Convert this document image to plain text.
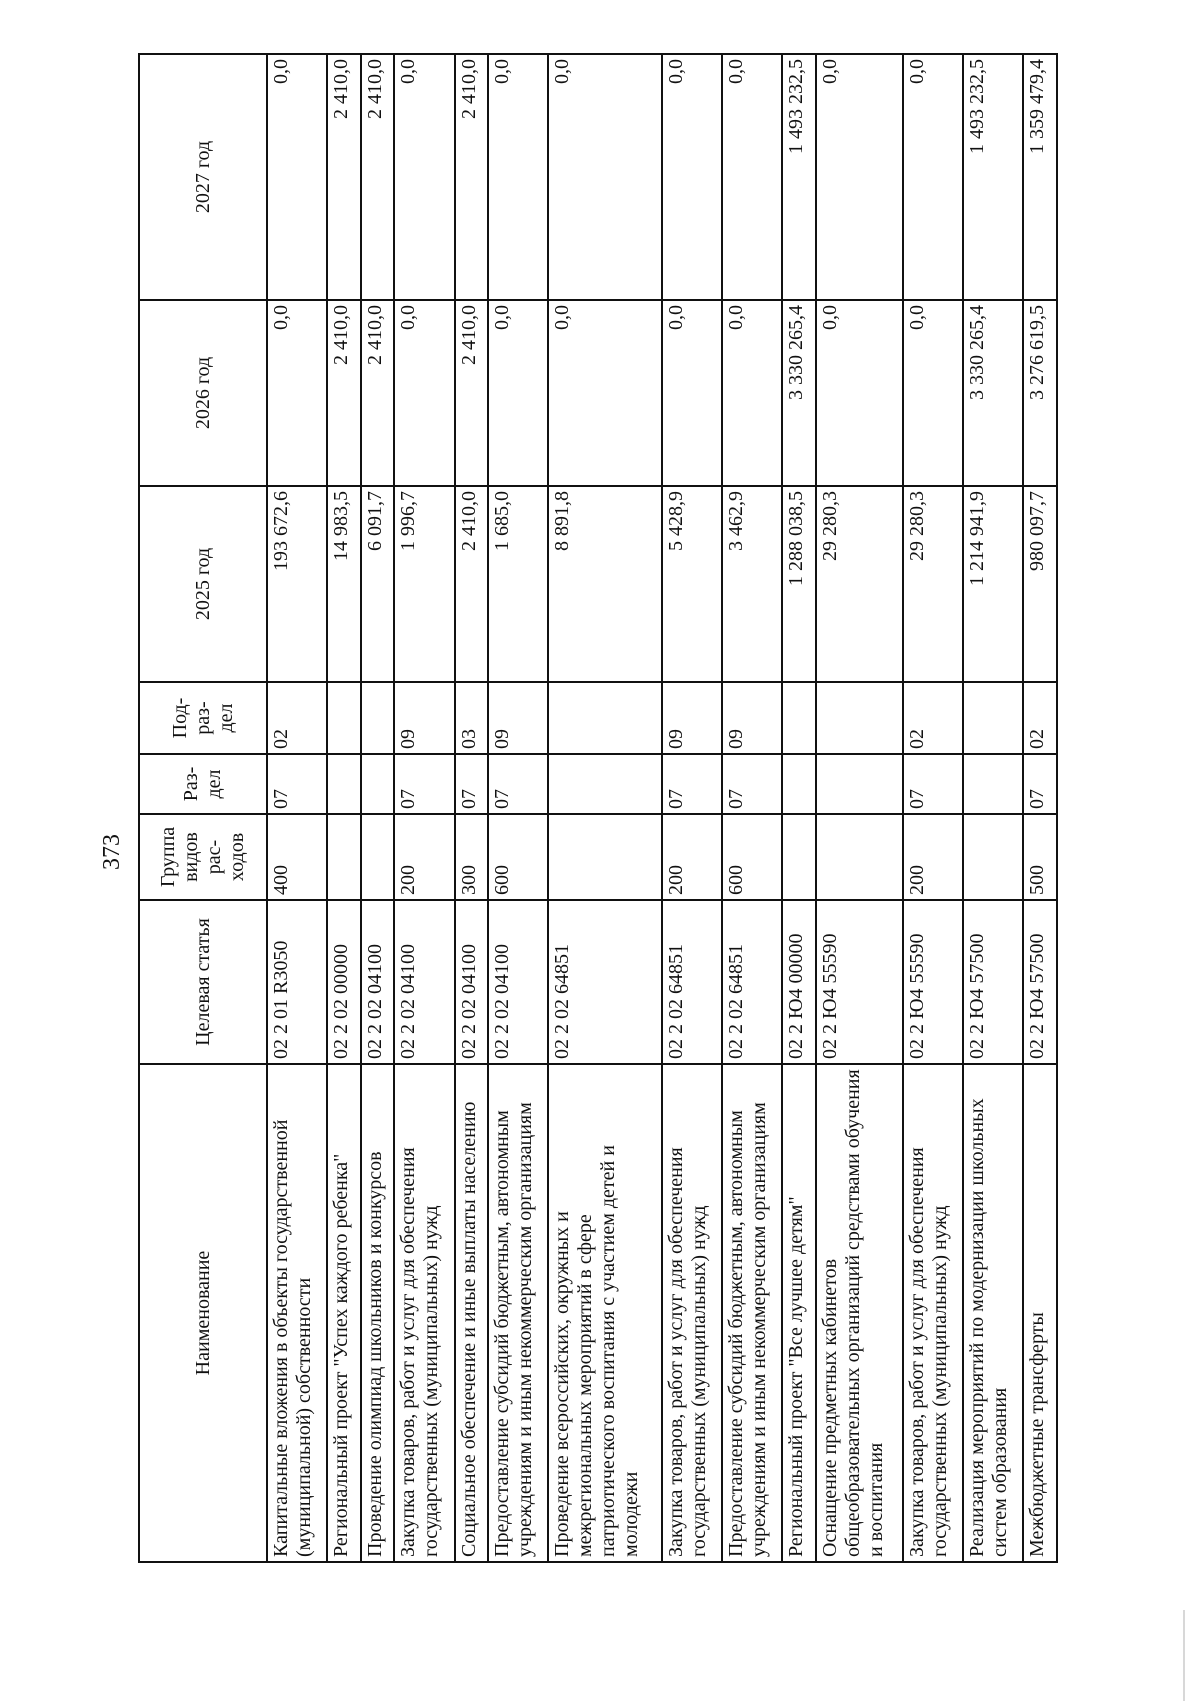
373
Наименование	Целевая статья	Группа видов рас-ходов	Раз-дел	Под-раз-дел	2025 год	2026 год	2027 год
Капитальные вложения в объекты государственной (муниципальной) собственности	02 2 01 R3050	400	07	02	193 672,6	0,0	0,0
Региональный проект "Успех каждого ребенка"	02 2 02 00000				14 983,5	2 410,0	2 410,0
Проведение олимпиад школьников и конкурсов	02 2 02 04100				6 091,7	2 410,0	2 410,0
Закупка товаров, работ и услуг для обеспечения государственных (муниципальных) нужд	02 2 02 04100	200	07	09	1 996,7	0,0	0,0
Социальное обеспечение и иные выплаты населению	02 2 02 04100	300	07	03	2 410,0	2 410,0	2 410,0
Предоставление субсидий бюджетным, автономным учреждениям и иным некоммерческим организациям	02 2 02 04100	600	07	09	1 685,0	0,0	0,0
Проведение всероссийских, окружных и межрегиональных мероприятий в сфере патриотического воспитания с участием детей и молодежи	02 2 02 64851				8 891,8	0,0	0,0
Закупка товаров, работ и услуг для обеспечения государственных (муниципальных) нужд	02 2 02 64851	200	07	09	5 428,9	0,0	0,0
Предоставление субсидий бюджетным, автономным учреждениям и иным некоммерческим организациям	02 2 02 64851	600	07	09	3 462,9	0,0	0,0
Региональный проект "Все лучшее детям"	02 2 Ю4 00000				1 288 038,5	3 330 265,4	1 493 232,5
Оснащение предметных кабинетов общеобразовательных организаций средствами обучения и воспитания	02 2 Ю4 55590				29 280,3	0,0	0,0
Закупка товаров, работ и услуг для обеспечения государственных (муниципальных) нужд	02 2 Ю4 55590	200	07	02	29 280,3	0,0	0,0
Реализация мероприятий по модернизации школьных систем образования	02 2 Ю4 57500				1 214 941,9	3 330 265,4	1 493 232,5
Межбюджетные трансферты	02 2 Ю4 57500	500	07	02	980 097,7	3 276 619,5	1 359 479,4
